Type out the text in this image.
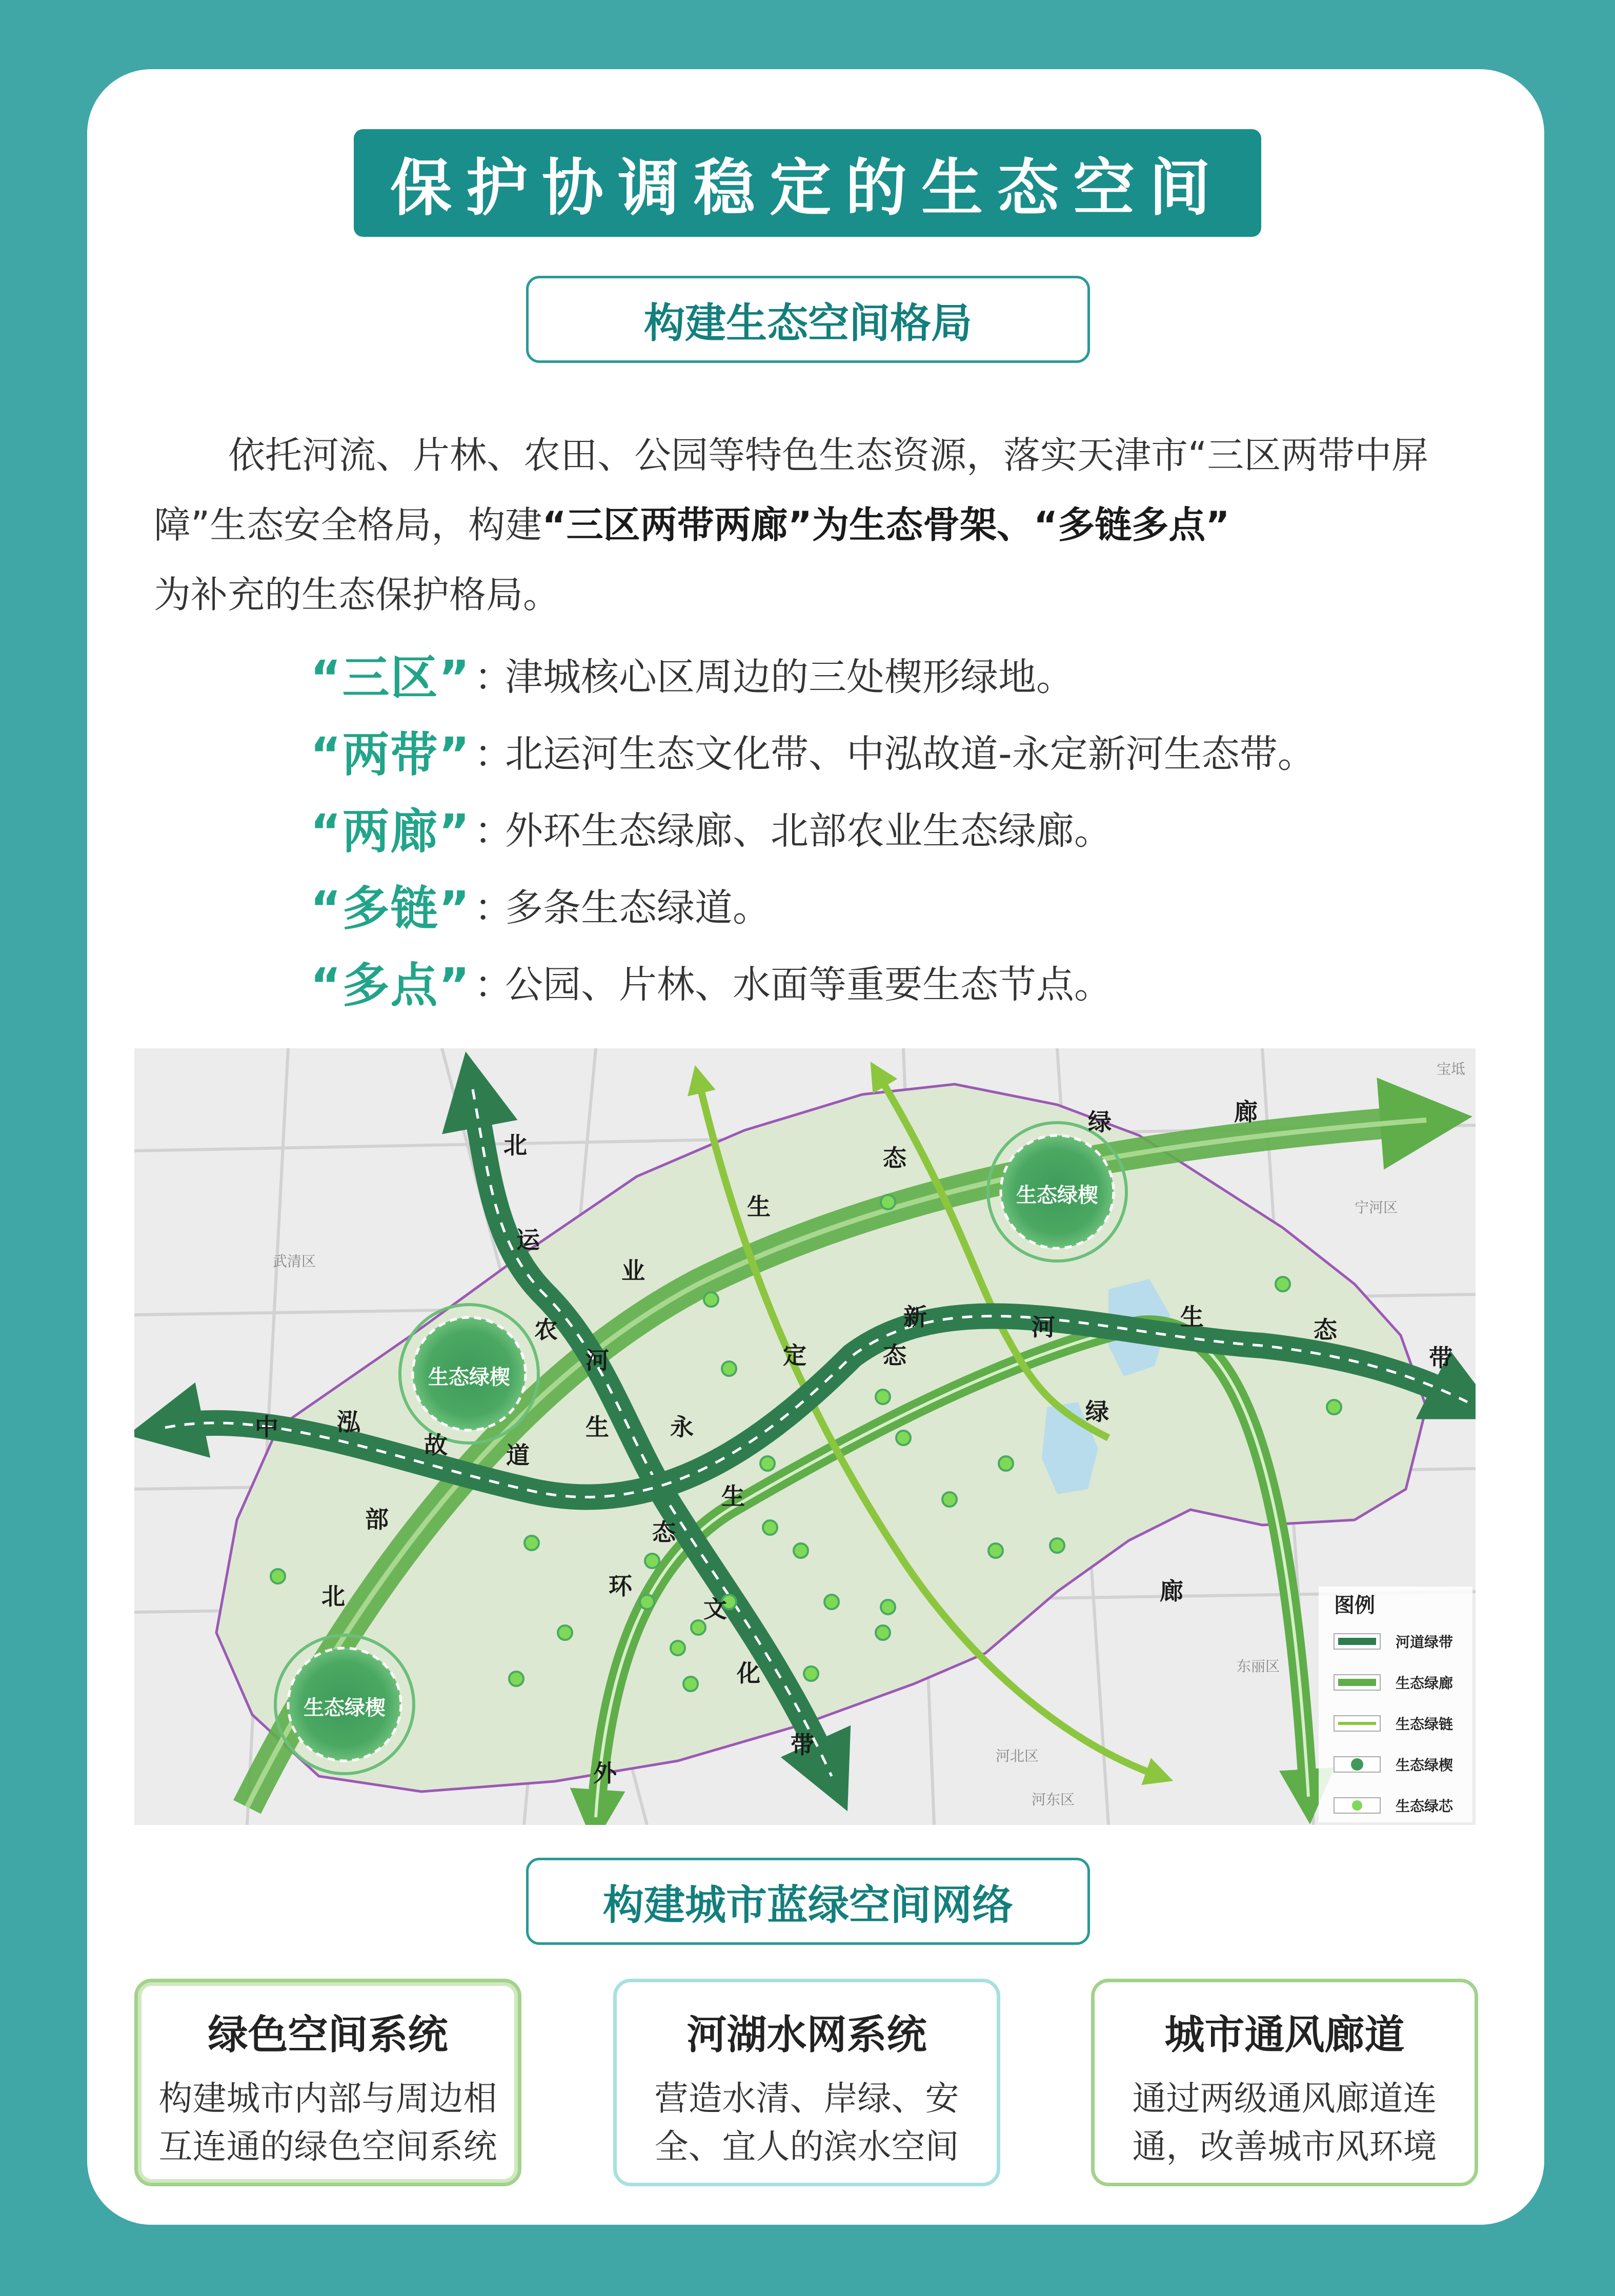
保护协调稳定的生态空间
构建生态空间格局
依托河流、片林、农田、公园等特色生态资源，落实天津市“三区两带中屏障”生态安全格局，构建“三区两带两廊”为生态骨架、“多链多点”
为补充的生态保护格局。
“三区” ：
津城核心区周边的三处楔形绿地。
“两带” ：
北运河生态文化带、中泓故道-永定新河生态带。
“两廊” ：
外环生态绿廊、北部农业生态绿廊。
“多链” ：
多条生态绿道。
“多点” ：
公园、片林、水面等重要生态节点。
生态绿楔
生态绿楔
生态绿楔
武清区
宁河区
东丽区
河北区
河东区
宝坻
北
运
河
生
态
文
化
带
中 泓
故 道
永
定
新	河	生	态
带
北
部
农
业
生
态
绿	廊
外
环
生
态
绿
廊
图例
河道绿带
生态绿廊
生态绿链
生态绿楔
生态绿芯
构建城市蓝绿空间网络
绿色空间系统
构建城市内部与周边相互连通的绿色空间系统
河湖水网系统
营造水清、岸绿、安全、宜人的滨水空间
城市通风廊道
通过两级通风廊道连通，改善城市风环境
